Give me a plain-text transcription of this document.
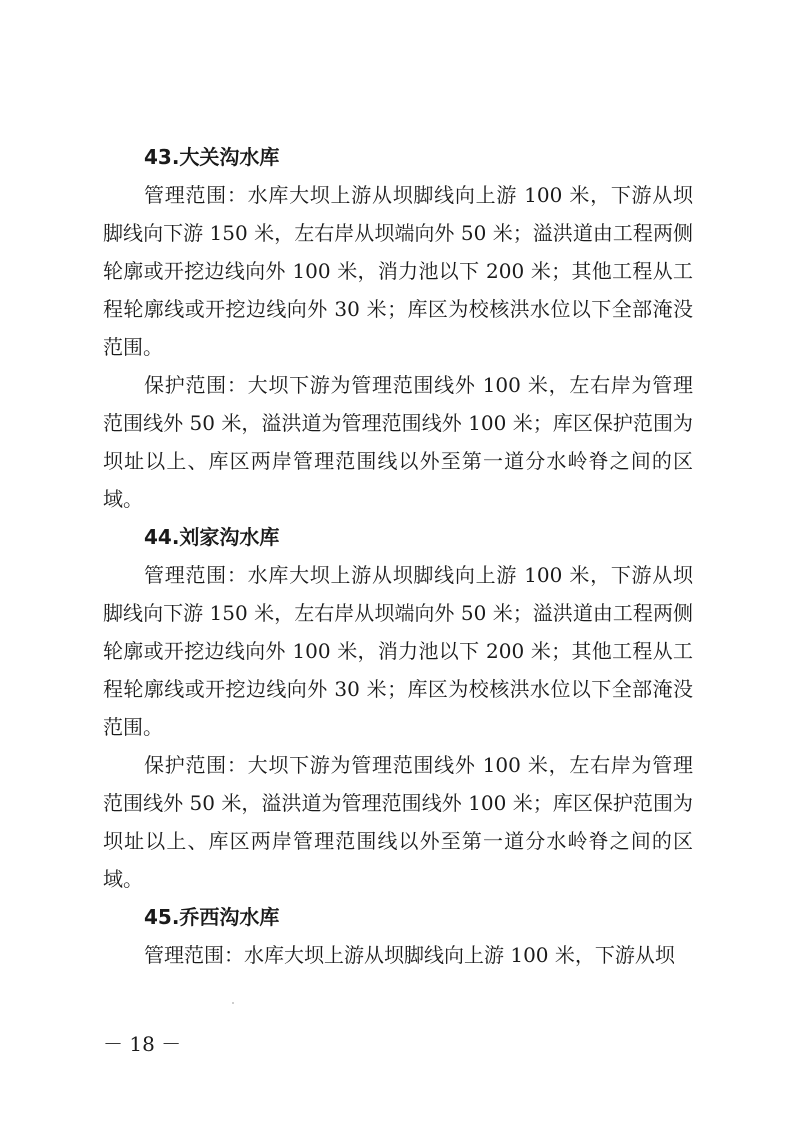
43.大关沟水库

管理范围：水库大坝上游从坝脚线向上游 100 米，下游从坝脚线向下游 150 米，左右岸从坝端向外 50 米；溢洪道由工程两侧轮廓或开挖边线向外 100 米，消力池以下 200 米；其他工程从工程轮廓线或开挖边线向外 30 米；库区为校核洪水位以下全部淹没范围。

保护范围：大坝下游为管理范围线外 100 米，左右岸为管理范围线外 50 米，溢洪道为管理范围线外 100 米；库区保护范围为坝址以上、库区两岸管理范围线以外至第一道分水岭脊之间的区域。

44.刘家沟水库

管理范围：水库大坝上游从坝脚线向上游 100 米，下游从坝脚线向下游 150 米，左右岸从坝端向外 50 米；溢洪道由工程两侧轮廓或开挖边线向外 100 米，消力池以下 200 米；其他工程从工程轮廓线或开挖边线向外 30 米；库区为校核洪水位以下全部淹没范围。

保护范围：大坝下游为管理范围线外 100 米，左右岸为管理范围线外 50 米，溢洪道为管理范围线外 100 米；库区保护范围为坝址以上、库区两岸管理范围线以外至第一道分水岭脊之间的区域。

45.乔西沟水库

管理范围：水库大坝上游从坝脚线向上游 100 米，下游从坝

－ 18 －
